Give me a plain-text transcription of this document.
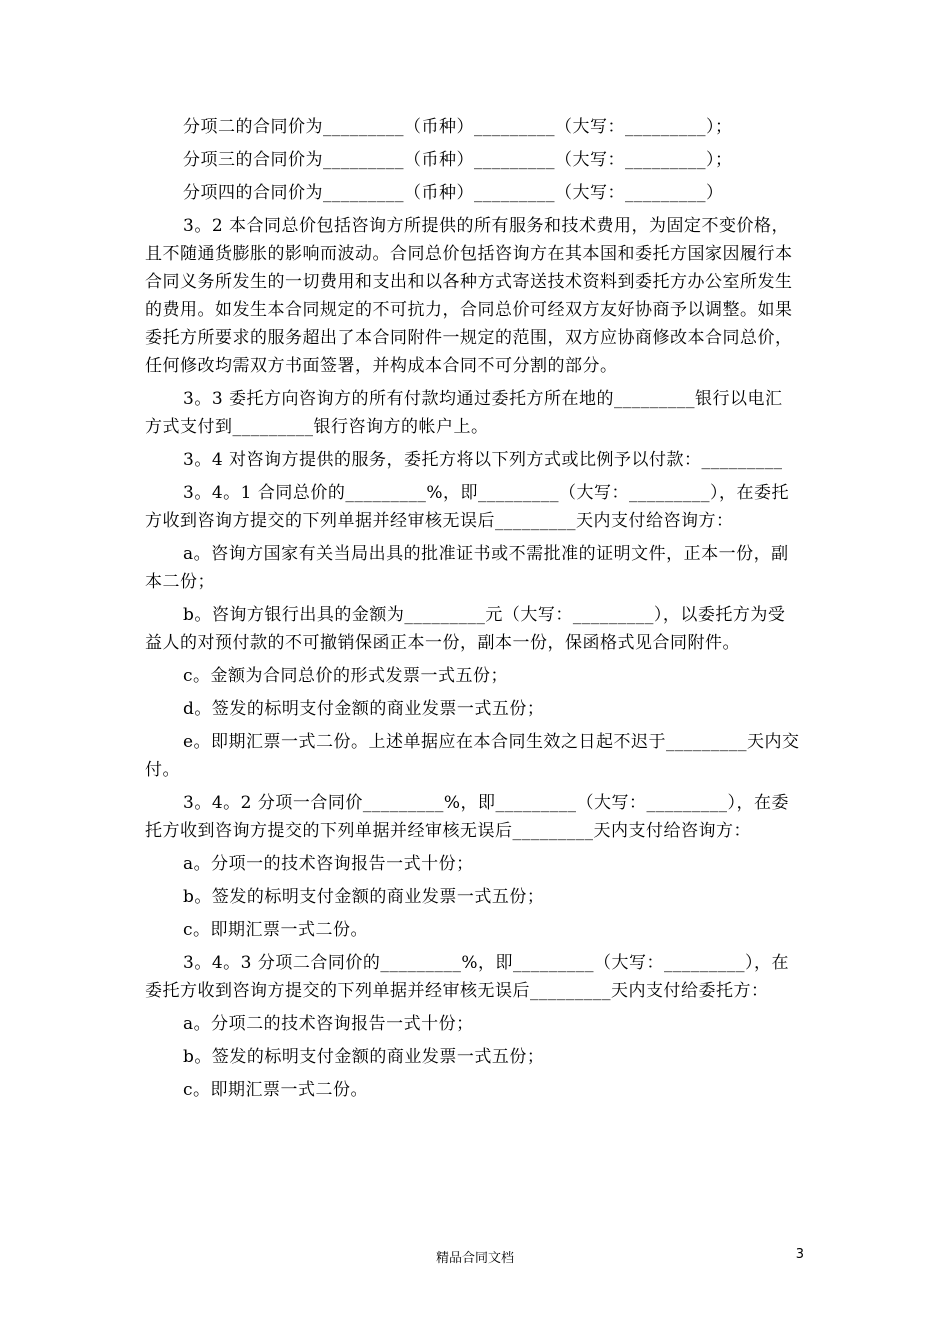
分项二的合同价为_________（币种）_________（大写：_________）；

分项三的合同价为_________（币种）_________（大写：_________）；

分项四的合同价为_________（币种）_________（大写：_________）

3。2 本合同总价包括咨询方所提供的所有服务和技术费用，为固定不变价格，且不随通货膨胀的影响而波动。合同总价包括咨询方在其本国和委托方国家因履行本合同义务所发生的一切费用和支出和以各种方式寄送技术资料到委托方办公室所发生的费用。如发生本合同规定的不可抗力，合同总价可经双方友好协商予以调整。如果委托方所要求的服务超出了本合同附件一规定的范围，双方应协商修改本合同总价，任何修改均需双方书面签署，并构成本合同不可分割的部分。

3。3 委托方向咨询方的所有付款均通过委托方所在地的_________银行以电汇方式支付到_________银行咨询方的帐户上。

3。4 对咨询方提供的服务，委托方将以下列方式或比例予以付款：_________

3。4。1 合同总价的_________%，即_________（大写：_________），在委托方收到咨询方提交的下列单据并经审核无误后_________天内支付给咨询方：

a。咨询方国家有关当局出具的批准证书或不需批准的证明文件，正本一份，副本二份；

b。咨询方银行出具的金额为_________元（大写：_________），以委托方为受益人的对预付款的不可撤销保函正本一份，副本一份，保函格式见合同附件。

c。金额为合同总价的形式发票一式五份；

d。签发的标明支付金额的商业发票一式五份；

e。即期汇票一式二份。上述单据应在本合同生效之日起不迟于_________天内交付。

3。4。2 分项一合同价_________%，即_________（大写：_________），在委托方收到咨询方提交的下列单据并经审核无误后_________天内支付给咨询方：

a。分项一的技术咨询报告一式十份；

b。签发的标明支付金额的商业发票一式五份；

c。即期汇票一式二份。

3。4。3 分项二合同价的_________%，即_________（大写：_________），在委托方收到咨询方提交的下列单据并经审核无误后_________天内支付给委托方：

a。分项二的技术咨询报告一式十份；

b。签发的标明支付金额的商业发票一式五份；

c。即期汇票一式二份。

精品合同文档	3
